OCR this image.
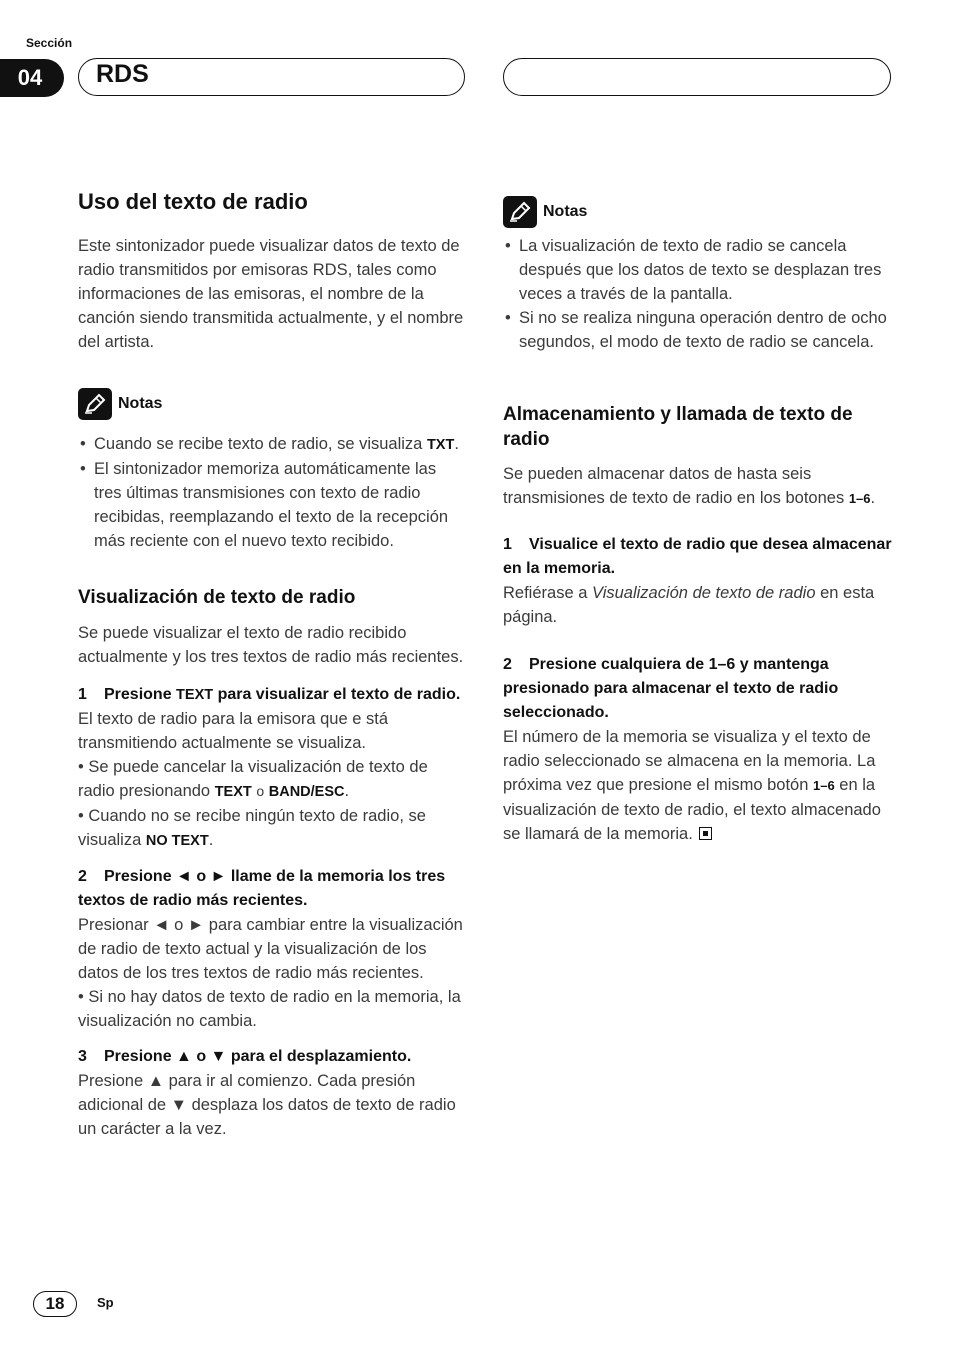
Sección
04	RDS
Uso del texto de radio

Este sintonizador puede visualizar datos de texto de radio transmitidos por emisoras RDS, tales como informaciones de las emisoras, el nombre de la canción siendo transmitida actualmente, y el nombre del artista.

Notas

• Cuando se recibe texto de radio, se visualiza TXT.

• El sintonizador memoriza automáticamente las tres últimas transmisiones con texto de radio recibidas, reemplazando el texto de la recepción más reciente con el nuevo texto recibido.

Visualización de texto de radio

Se puede visualizar el texto de radio recibido actualmente y los tres textos de radio más recientes.

1 Presione TEXT para visualizar el texto de radio.

El texto de radio para la emisora que e stá transmitiendo actualmente se visualiza.

• Se puede cancelar la visualización de texto de radio presionando TEXT o BAND/ESC.

• Cuando no se recibe ningún texto de radio, se visualiza NO TEXT.

2 Presione ◄ o ► llame de la memoria los tres textos de radio más recientes.

Presionar ◄ o ► para cambiar entre la visualización de radio de texto actual y la visualización de los datos de los tres textos de radio más recientes.

• Si no hay datos de texto de radio en la memoria, la visualización no cambia.

3 Presione ▲ o ▼ para el desplazamiento.

Presione ▲ para ir al comienzo. Cada presión adicional de ▼ desplaza los datos de texto de radio un carácter a la vez.

Notas

• La visualización de texto de radio se cancela después que los datos de texto se desplazan tres veces a través de la pantalla.

• Si no se realiza ninguna operación dentro de ocho segundos, el modo de texto de radio se cancela.

Almacenamiento y llamada de texto de radio

Se pueden almacenar datos de hasta seis transmisiones de texto de radio en los botones 1–6.

1 Visualice el texto de radio que desea almacenar en la memoria.

Refiérase a Visualización de texto de radio en esta página.

2 Presione cualquiera de 1–6 y mantenga presionado para almacenar el texto de radio seleccionado.

El número de la memoria se visualiza y el texto de radio seleccionado se almacena en la memoria. La próxima vez que presione el mismo botón 1–6 en la visualización de texto de radio, el texto almacenado se llamará de la memoria.

18	Sp
